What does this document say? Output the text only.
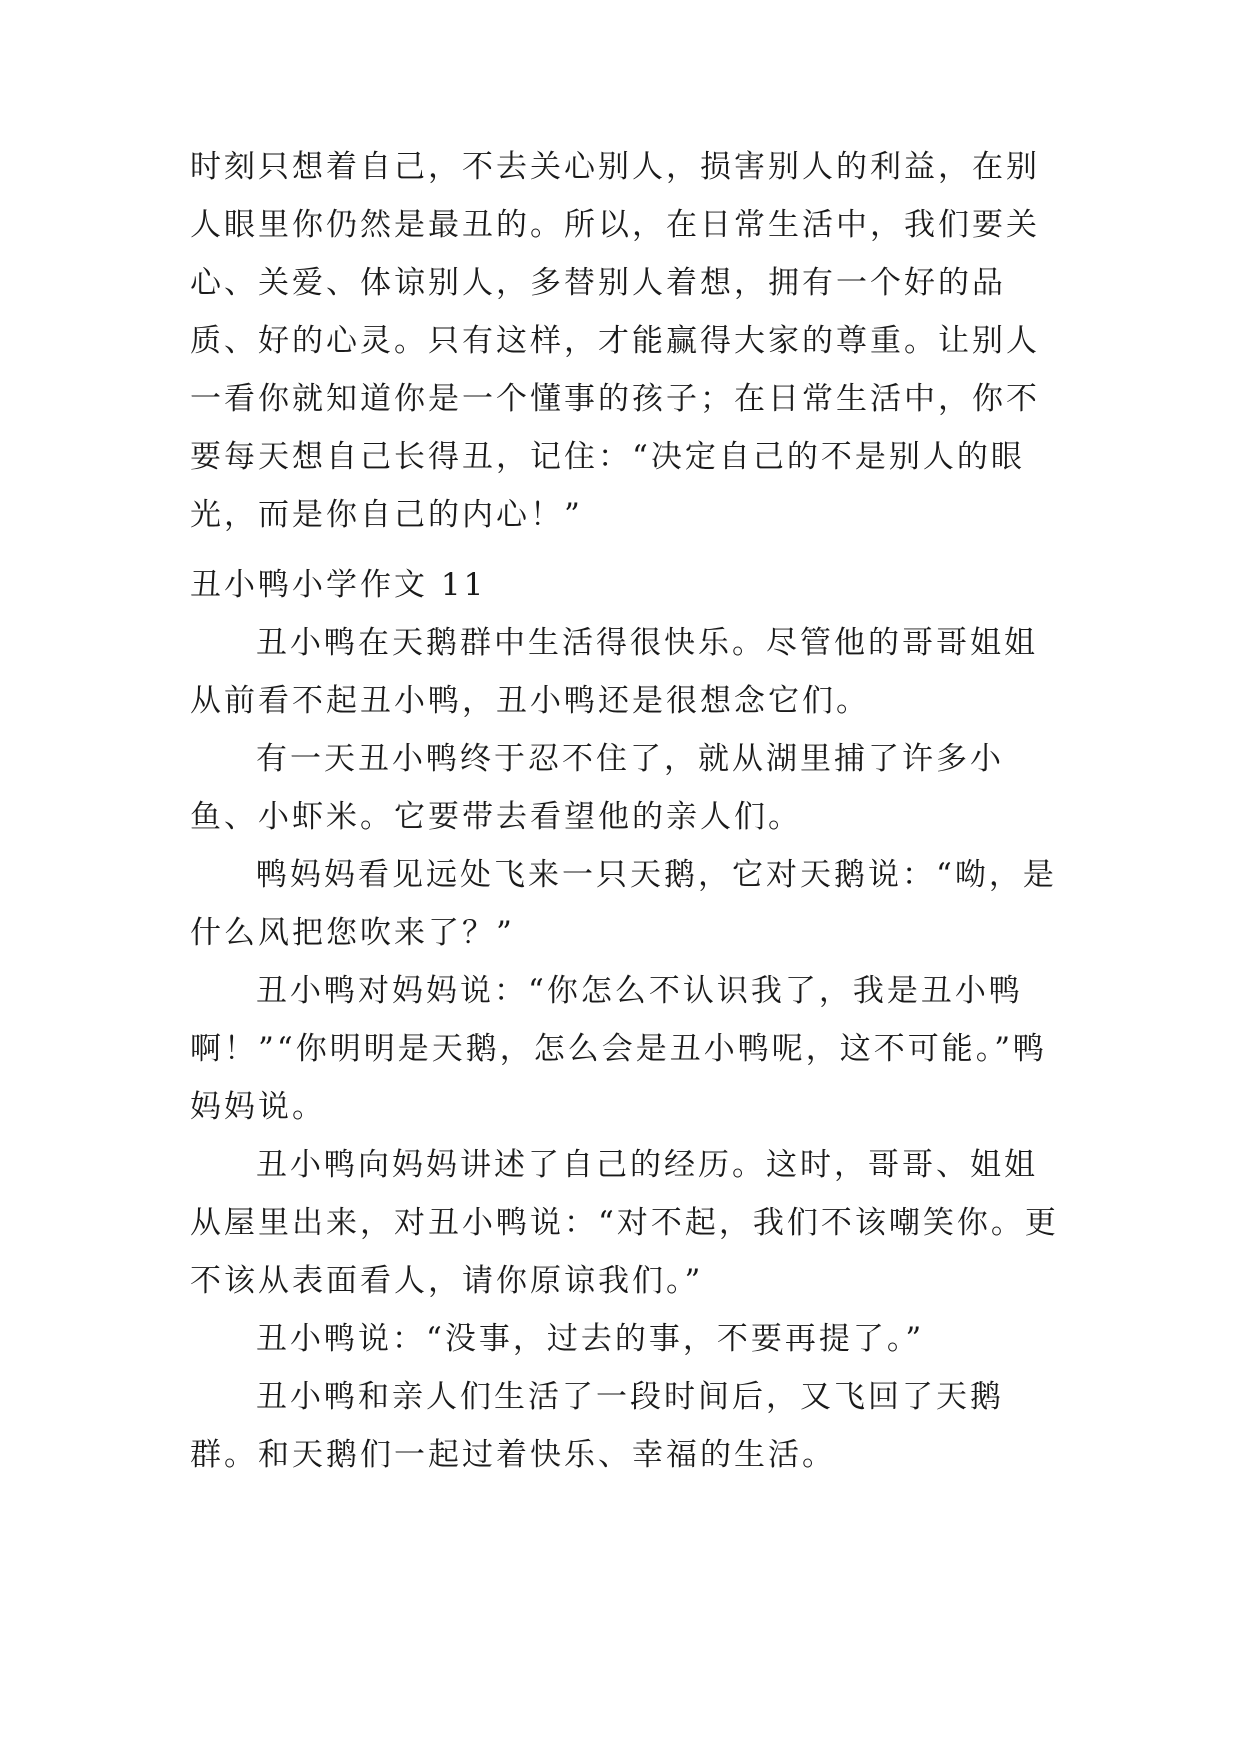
时刻只想着自己，不去关心别人，损害别人的利益，在别人眼里你仍然是最丑的。所以，在日常生活中，我们要关心、关爱、体谅别人，多替别人着想，拥有一个好的品质、好的心灵。只有这样，才能赢得大家的尊重。让别人一看你就知道你是一个懂事的孩子；在日常生活中，你不要每天想自己长得丑，记住：“决定自己的不是别人的眼光，而是你自己的内心！”

丑小鸭小学作文 11

丑小鸭在天鹅群中生活得很快乐。尽管他的哥哥姐姐从前看不起丑小鸭，丑小鸭还是很想念它们。

有一天丑小鸭终于忍不住了，就从湖里捕了许多小鱼、小虾米。它要带去看望他的亲人们。

鸭妈妈看见远处飞来一只天鹅，它对天鹅说：“呦，是什么风把您吹来了？”

丑小鸭对妈妈说：“你怎么不认识我了，我是丑小鸭啊！”“你明明是天鹅，怎么会是丑小鸭呢，这不可能。”鸭妈妈说。

丑小鸭向妈妈讲述了自己的经历。这时，哥哥、姐姐从屋里出来，对丑小鸭说：“对不起，我们不该嘲笑你。更不该从表面看人，请你原谅我们。”

丑小鸭说：“没事，过去的事，不要再提了。”

丑小鸭和亲人们生活了一段时间后，又飞回了天鹅群。和天鹅们一起过着快乐、幸福的生活。
